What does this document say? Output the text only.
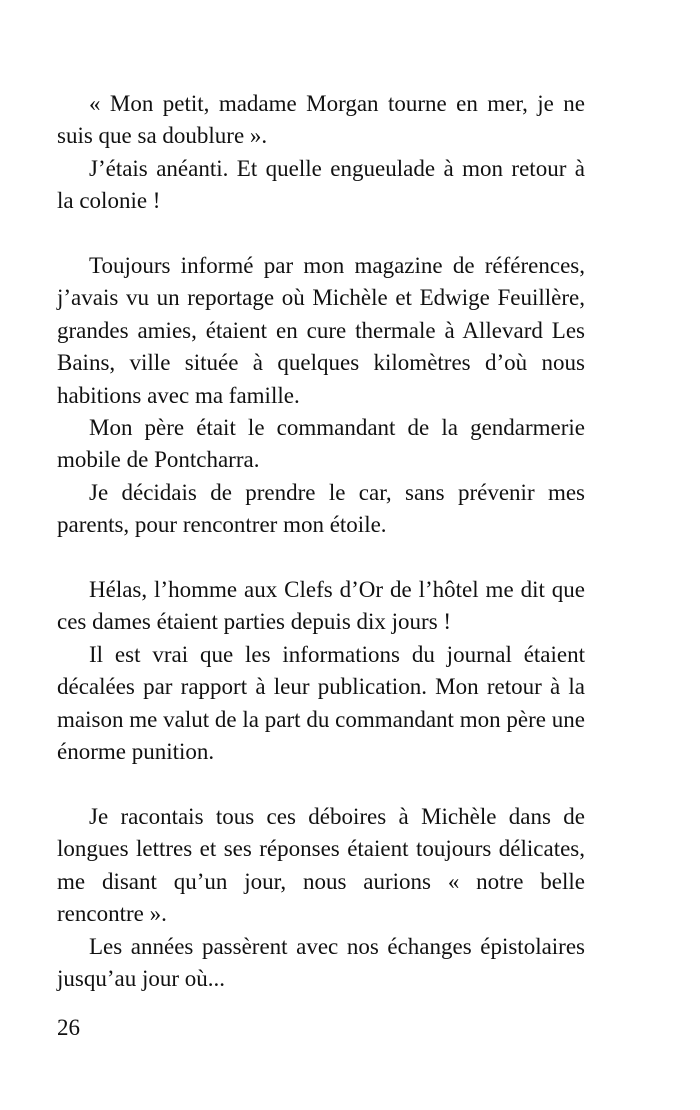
« Mon petit, madame Morgan tourne en mer, je ne suis que sa doublure ».

J’étais anéanti. Et quelle engueulade à mon retour à la colonie !

Toujours informé par mon magazine de références, j’avais vu un reportage où Michèle et Edwige Feuillère, grandes amies, étaient en cure thermale à Allevard Les Bains, ville située à quelques kilomètres d’où nous habitions avec ma famille.

Mon père était le commandant de la gendarmerie mobile de Pontcharra.

Je décidais de prendre le car, sans prévenir mes parents, pour rencontrer mon étoile.

Hélas, l’homme aux Clefs d’Or de l’hôtel me dit que ces dames étaient parties depuis dix jours !

Il est vrai que les informations du journal étaient décalées par rapport à leur publication. Mon retour à la maison me valut de la part du commandant mon père une énorme punition.

Je racontais tous ces déboires à Michèle dans de longues lettres et ses réponses étaient toujours délicates, me disant qu’un jour, nous aurions « notre belle rencontre ».

Les années passèrent avec nos échanges épistolaires jusqu’au jour où...

26
